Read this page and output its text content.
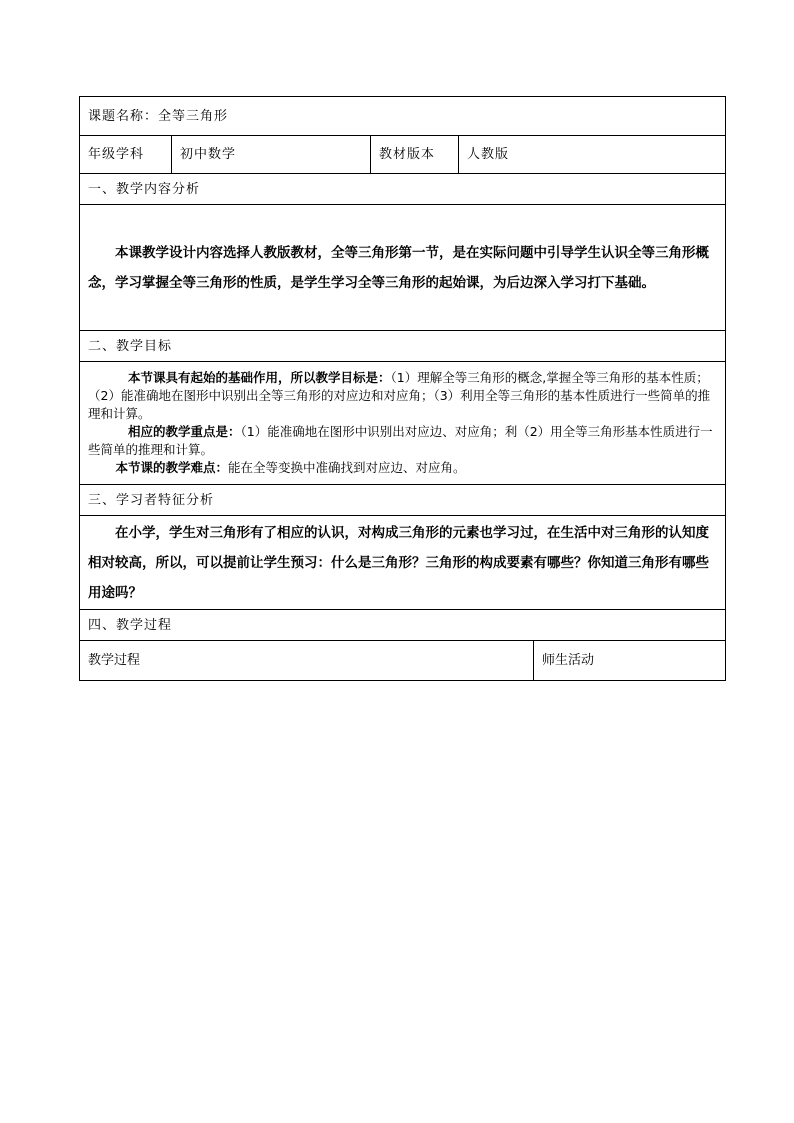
课题名称：全等三角形				
年级学科	初中数学	教材版本	人教版	
一、教学内容分析				

本课教学设计内容选择人教版教材，全等三角形第一节，是在实际问题中引导学生认识全等三角形概念，学习掌握全等三角形的性质，是学生学习全等三角形的起始课，为后边深入学习打下基础。				

二、教学目标				

本节课具有起始的基础作用，所以教学目标是：（1）理解全等三角形的概念,掌握全等三角形的基本性质；（2）能准确地在图形中识别出全等三角形的对应边和对应角；（3）利用全等三角形的基本性质进行一些简单的推理和计算。

相应的教学重点是：（1）能准确地在图形中识别出对应边、对应角；利（2）用全等三角形基本性质进行一些简单的推理和计算。

本节课的教学难点：能在全等变换中准确找到对应边、对应角。				

三、学习者特征分析				

在小学，学生对三角形有了相应的认识，对构成三角形的元素也学习过，在生活中对三角形的认知度相对较高，所以，可以提前让学生预习：什么是三角形？三角形的构成要素有哪些？你知道三角形有哪些用途吗？				

四、教学过程				
教学过程				师生活动
